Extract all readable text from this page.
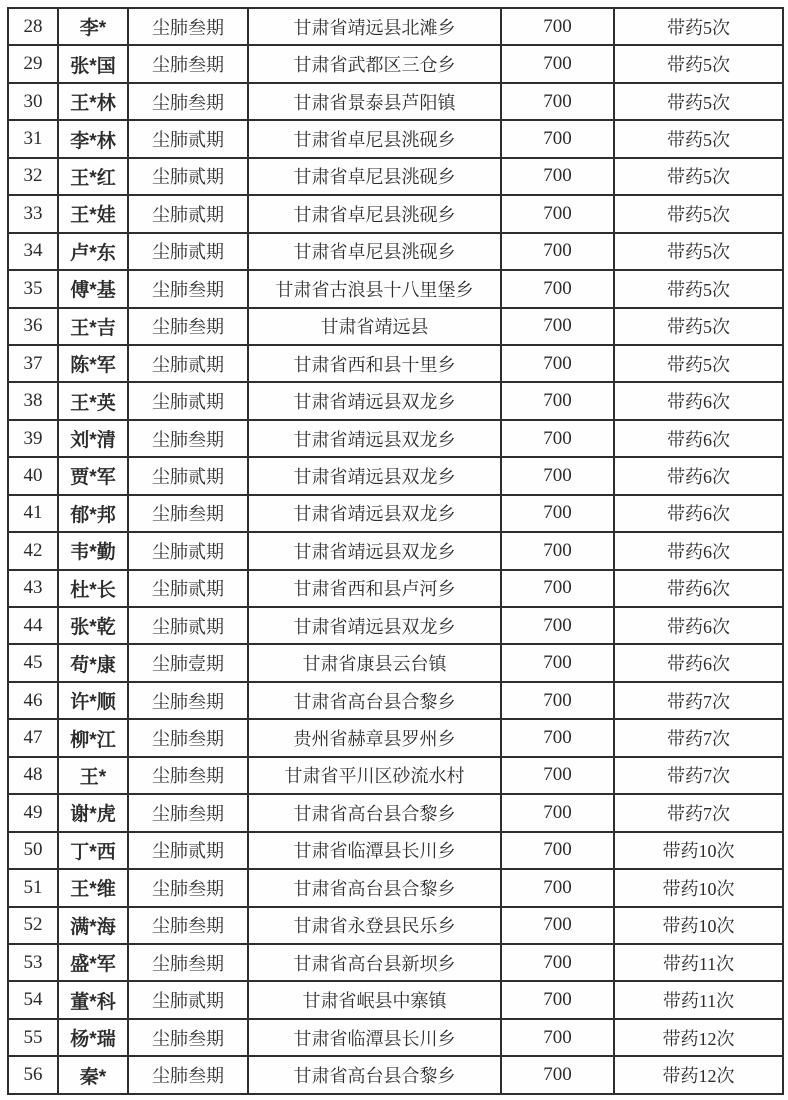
28	李*	尘肺叁期	甘肃省靖远县北滩乡	700	带药5次
29	张*国	尘肺叁期	甘肃省武都区三仓乡	700	带药5次
30	王*林	尘肺叁期	甘肃省景泰县芦阳镇	700	带药5次
31	李*林	尘肺贰期	甘肃省卓尼县洮砚乡	700	带药5次
32	王*红	尘肺贰期	甘肃省卓尼县洮砚乡	700	带药5次
33	王*娃	尘肺贰期	甘肃省卓尼县洮砚乡	700	带药5次
34	卢*东	尘肺贰期	甘肃省卓尼县洮砚乡	700	带药5次
35	傅*基	尘肺叁期	甘肃省古浪县十八里堡乡	700	带药5次
36	王*吉	尘肺叁期	甘肃省靖远县	700	带药5次
37	陈*军	尘肺贰期	甘肃省西和县十里乡	700	带药5次
38	王*英	尘肺贰期	甘肃省靖远县双龙乡	700	带药6次
39	刘*清	尘肺叁期	甘肃省靖远县双龙乡	700	带药6次
40	贾*军	尘肺贰期	甘肃省靖远县双龙乡	700	带药6次
41	郁*邦	尘肺叁期	甘肃省靖远县双龙乡	700	带药6次
42	韦*勤	尘肺贰期	甘肃省靖远县双龙乡	700	带药6次
43	杜*长	尘肺贰期	甘肃省西和县卢河乡	700	带药6次
44	张*乾	尘肺贰期	甘肃省靖远县双龙乡	700	带药6次
45	苟*康	尘肺壹期	甘肃省康县云台镇	700	带药6次
46	许*顺	尘肺叁期	甘肃省高台县合黎乡	700	带药7次
47	柳*江	尘肺叁期	贵州省赫章县罗州乡	700	带药7次
48	王*	尘肺叁期	甘肃省平川区砂流水村	700	带药7次
49	谢*虎	尘肺叁期	甘肃省高台县合黎乡	700	带药7次
50	丁*西	尘肺贰期	甘肃省临潭县长川乡	700	带药10次
51	王*维	尘肺叁期	甘肃省高台县合黎乡	700	带药10次
52	满*海	尘肺叁期	甘肃省永登县民乐乡	700	带药10次
53	盛*军	尘肺叁期	甘肃省高台县新坝乡	700	带药11次
54	董*科	尘肺贰期	甘肃省岷县中寨镇	700	带药11次
55	杨*瑞	尘肺叁期	甘肃省临潭县长川乡	700	带药12次
56	秦*	尘肺叁期	甘肃省高台县合黎乡	700	带药12次
